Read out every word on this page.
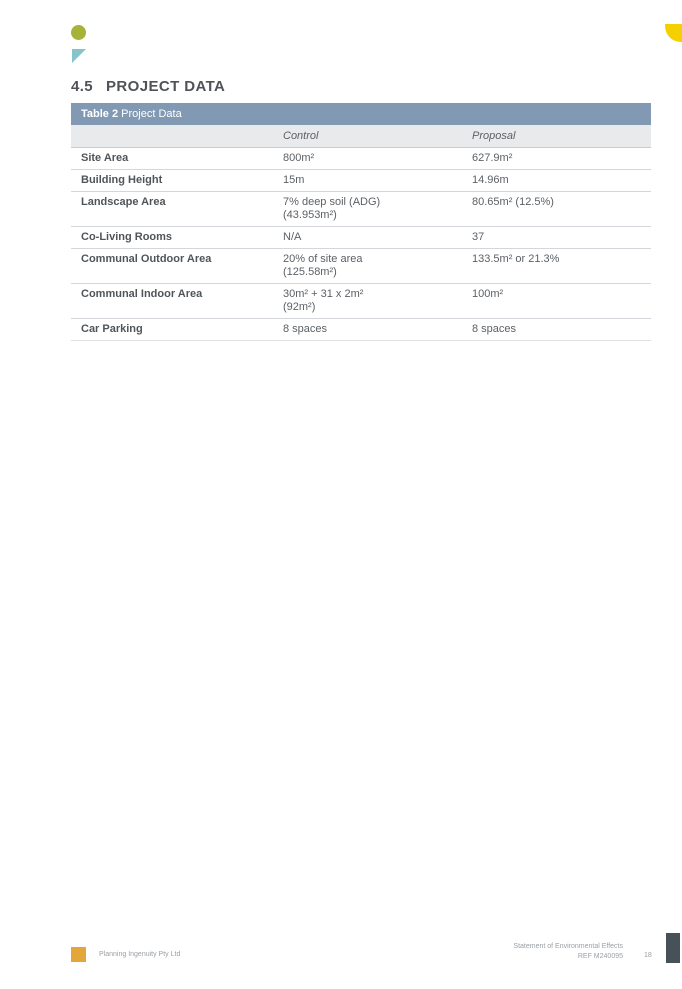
4.5 PROJECT DATA
Table 2 Project Data
	Control	Proposal
Site Area	800m²	627.9m²

Building Height	15m	14.96m

Landscape Area	7% deep soil (ADG)
(43.953m²)	80.65m² (12.5%)

Co-Living Rooms	N/A	37

Communal Outdoor Area	20% of site area
(125.58m²)	133.5m² or 21.3%

Communal Indoor Area	30m² + 31 x 2m²
(92m²)	100m²

Car Parking	8 spaces	8 spaces
Planning Ingenuity Pty Ltd
Statement of Environmental Effects
REF M240095	18
